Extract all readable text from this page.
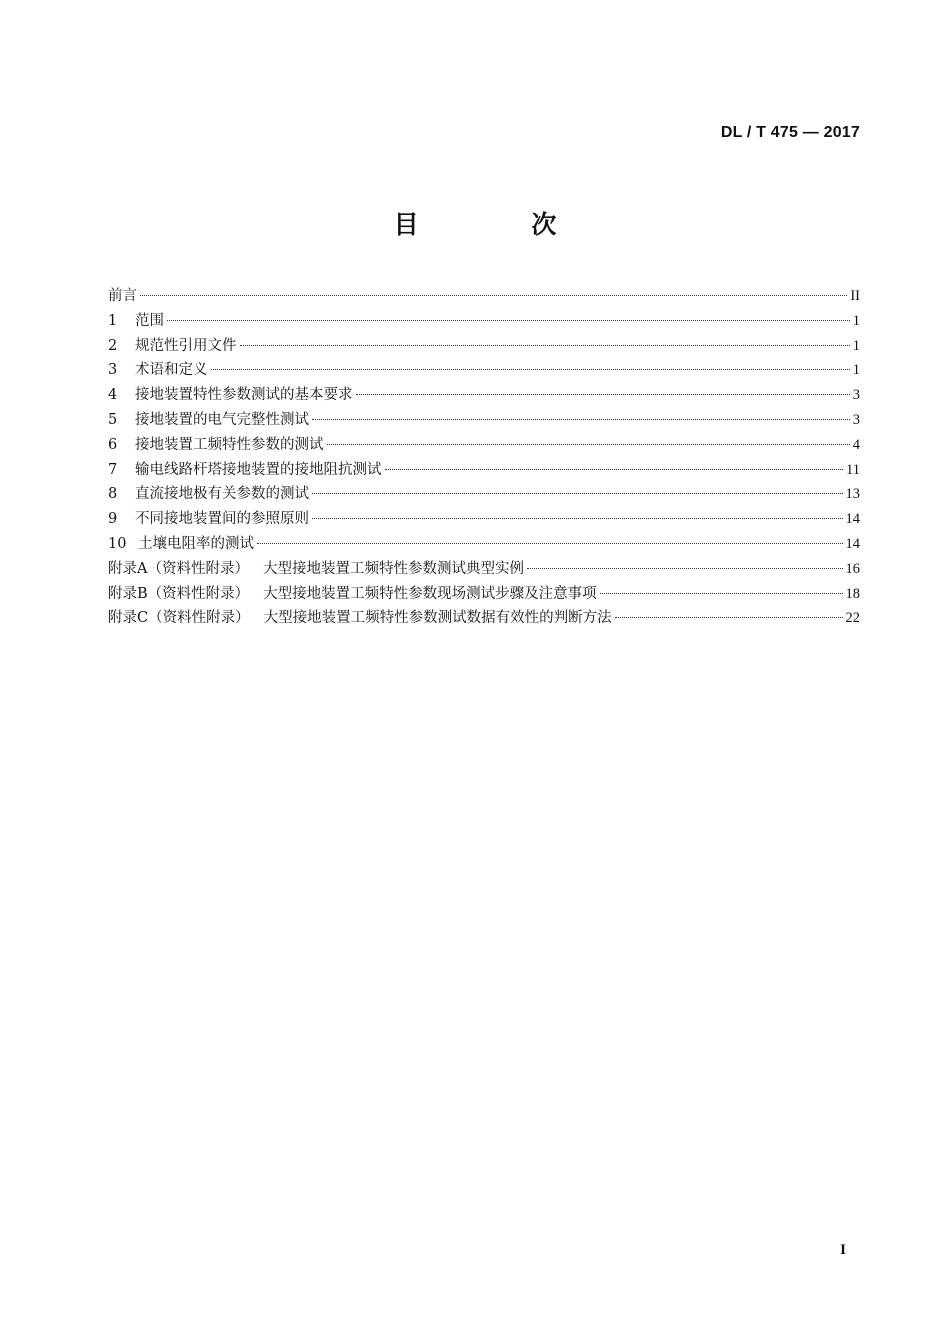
DL / T 475 — 2017
目 次
前言	II
1	范围	1
2	规范性引用文件	1
3	术语和定义	1
4	接地装置特性参数测试的基本要求	3
5	接地装置的电气完整性测试	3
6	接地装置工频特性参数的测试	4
7	输电线路杆塔接地装置的接地阻抗测试	11
8	直流接地极有关参数的测试	13
9	不同接地装置间的参照原则	14
10 土壤电阻率的测试	14
附录A（资料性附录） 大型接地装置工频特性参数测试典型实例	16
附录B（资料性附录） 大型接地装置工频特性参数现场测试步骤及注意事项	18
附录C（资料性附录） 大型接地装置工频特性参数测试数据有效性的判断方法	22
I
